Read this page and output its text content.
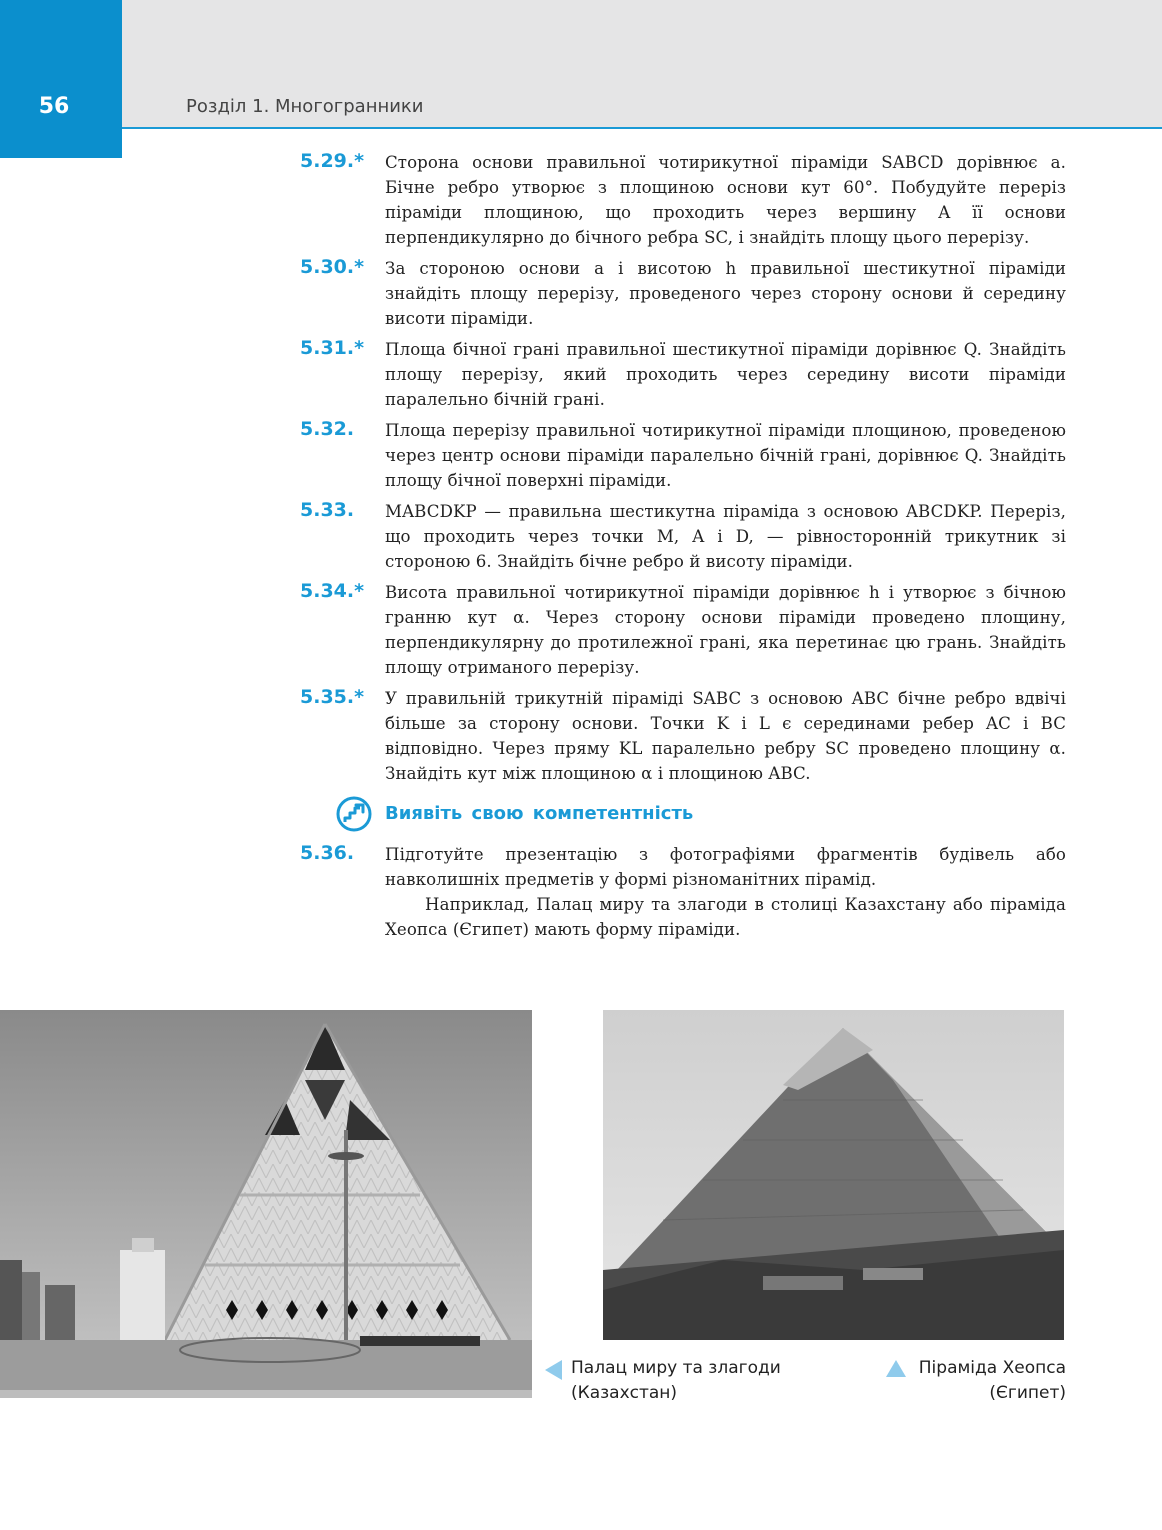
56	Розділ 1. Многогранники
5.29.* Сторона основи правильної чотирикутної піраміди SABCD дорівнює a. Бічне ребро утворює з площиною основи кут 60°. Побудуйте переріз піраміди площиною, що проходить через вершину A її основи перпендикулярно до бічного ребра SC, і знайдіть площу цього перерізу.
5.30.* За стороною основи a і висотою h правильної шестикутної піраміди знайдіть площу перерізу, проведеного через сторону основи й середину висоти піраміди.
5.31.* Площа бічної грані правильної шестикутної піраміди дорівнює Q. Знайдіть площу перерізу, який проходить через середину висоти піраміди паралельно бічній грані.
5.32. Площа перерізу правильної чотирикутної піраміди площиною, проведеною через центр основи піраміди паралельно бічній грані, дорівнює Q. Знайдіть площу бічної поверхні піраміди.
5.33. MABCDKP — правильна шестикутна піраміда з основою ABCDKP. Переріз, що проходить через точки M, A і D, — рівносторонній трикутник зі стороною 6. Знайдіть бічне ребро й висоту піраміди.
5.34.* Висота правильної чотирикутної піраміди дорівнює h і утворює з бічною гранню кут α. Через сторону основи піраміди проведено площину, перпендикулярну до протилежної грані, яка перетинає цю грань. Знайдіть площу отриманого перерізу.
5.35.* У правильній трикутній піраміді SABC з основою ABC бічне ребро вдвічі більше за сторону основи. Точки K і L є серединами ребер AC і BC відповідно. Через пряму KL паралельно ребру SC проведено площину α. Знайдіть кут між площиною α і площиною ABC.
Виявіть свою компетентність
5.36. Підготуйте презентацію з фотографіями фрагментів будівель або навколишніх предметів у формі різноманітних пірамід.

Наприклад, Палац миру та злагоди в столиці Казахстану або піраміда Хеопса (Єгипет) мають форму піраміди.

Палац миру та злагоди
(Казахстан)
Піраміда Хеопса
(Єгипет)
